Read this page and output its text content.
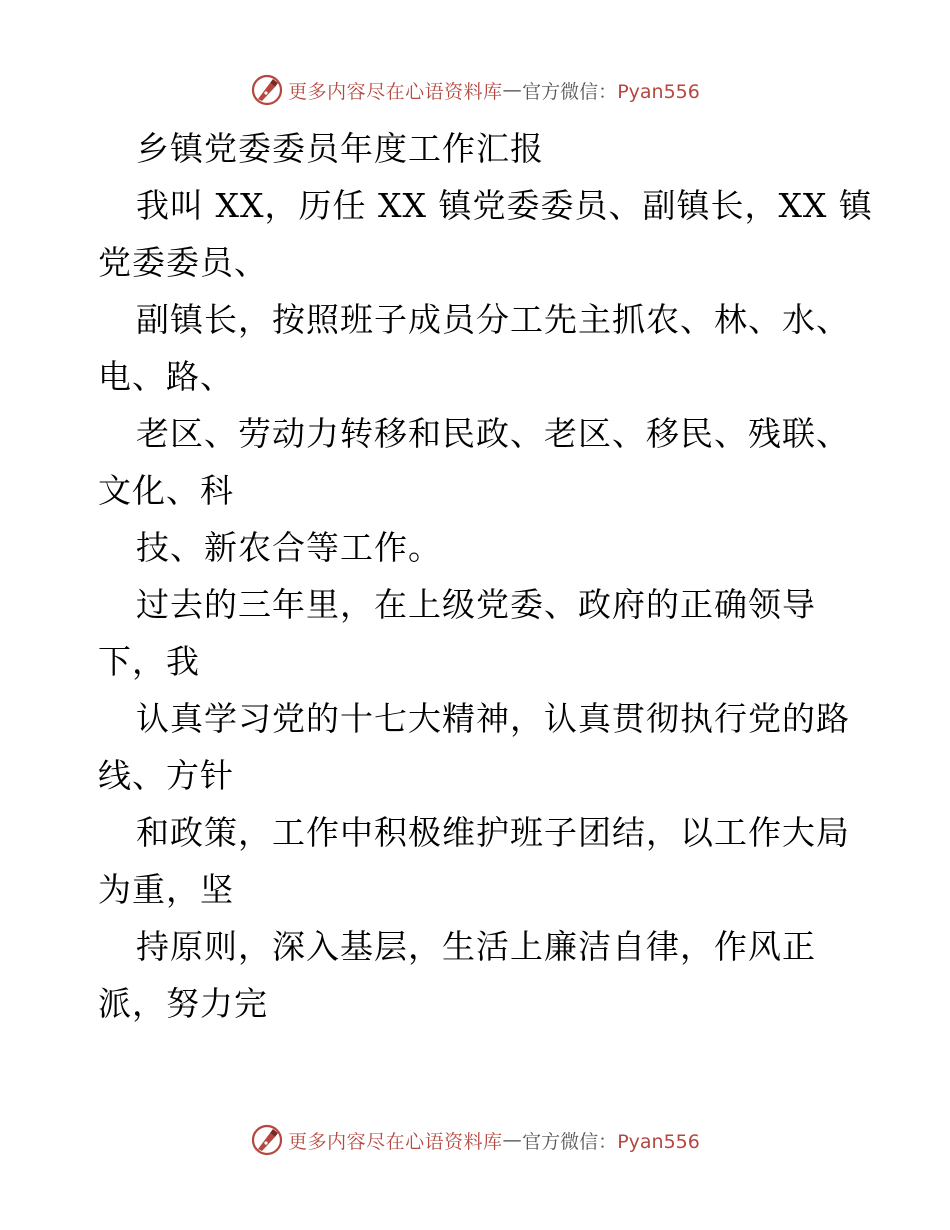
更多内容尽在心语资料库 — 官方微信：Pyan556
乡镇党委委员年度工作汇报
我叫 XX，历任 XX 镇党委委员、副镇长，XX 镇
党委委员、
副镇长，按照班子成员分工先主抓农、林、水、
电、路、
老区、劳动力转移和民政、老区、移民、残联、
文化、科
技、新农合等工作。
过去的三年里，在上级党委、政府的正确领导
下，我
认真学习党的十七大精神，认真贯彻执行党的路
线、方针
和政策，工作中积极维护班子团结，以工作大局
为重，坚
持原则，深入基层，生活上廉洁自律，作风正
派，努力完
更多内容尽在心语资料库 — 官方微信：Pyan556
